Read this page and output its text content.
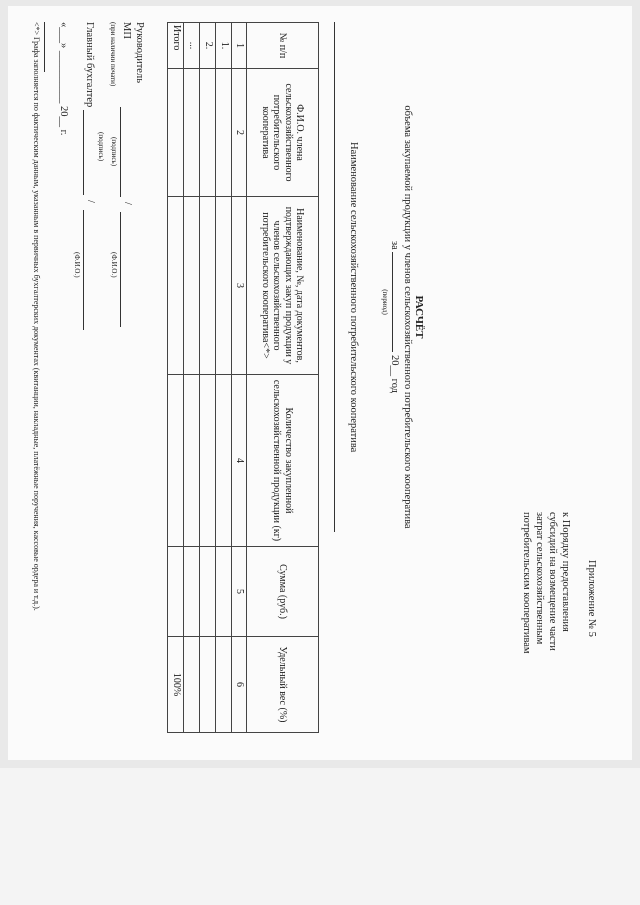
Приложение № 5
к Порядку предоставления
субсидий на возмещение части
затрат сельскохозяйственным
потребительским кооперативам
РАСЧЁТ
объема закупаемой продукции у членов сельскохозяйственного потребительского кооператива
за  20__ год
(период)
Наименование сельскохозяйственного потребительского кооператива
№ п/п	Ф.И.О. члена сельскохозяйственного потребительского кооператива	Наименование, №, дата документов, подтверждающих закуп продукции у членов сельскохозяйственного потребительского кооператива<*>	Количество закупленной сельскохозяйственной продукции (кг)	Сумма (руб.)	Удельный вес (%)
1	2	3	4	5	6
1.					
2.					
...					
Итого					100%
Руководитель
МП
/
(при наличии печати)
(подпись)
(Ф.И.О.)
Главный бухгалтер
/
(подпись)
(Ф.И.О.)
«___» __________ 20__ г.
<*> Графа заполняется по фактическим данным, указанным в первичных бухгалтерских документах (квитанции, накладные, платёжные поручения, кассовые ордера и т.д.).
